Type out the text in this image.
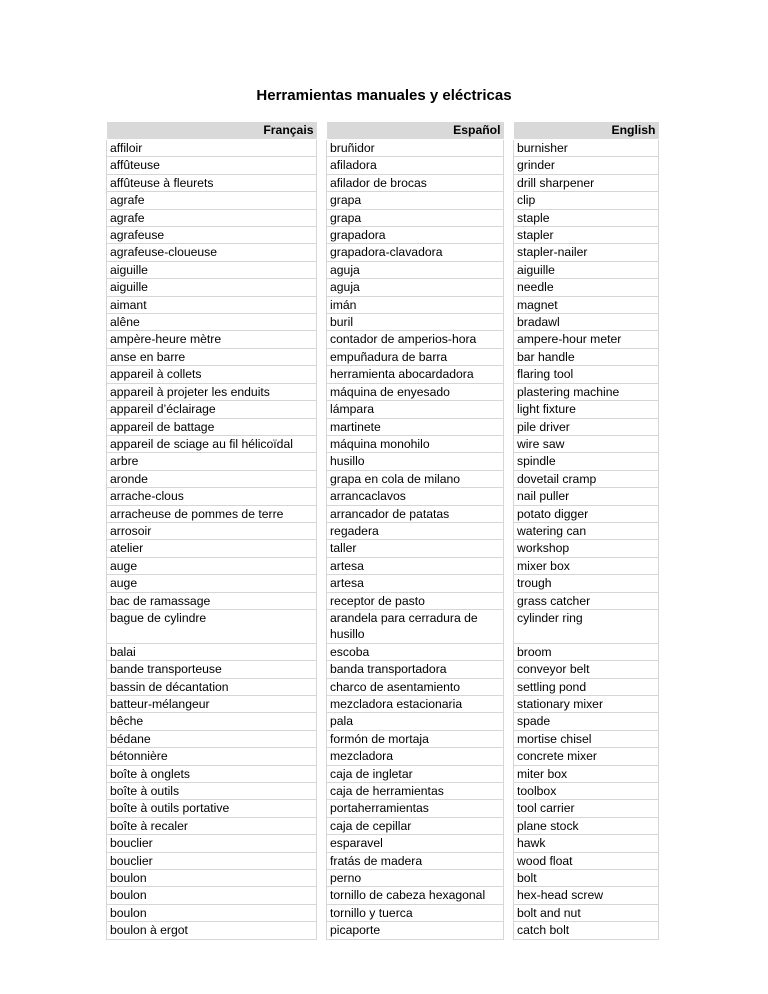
Herramientas manuales y eléctricas
Français		Español		English
affiloir		bruñidor		burnisher
affûteuse		afiladora		grinder
affûteuse à fleurets		afilador de brocas		drill sharpener
agrafe		grapa		clip
agrafe		grapa		staple
agrafeuse		grapadora		stapler
agrafeuse-cloueuse		grapadora-clavadora		stapler-nailer
aiguille		aguja		aiguille
aiguille		aguja		needle
aimant		imán		magnet
alêne		buril		bradawl
ampère-heure mètre		contador de amperios-hora		ampere-hour meter
anse en barre		empuñadura de barra		bar handle
appareil à collets		herramienta abocardadora		flaring tool
appareil à projeter les enduits		máquina de enyesado		plastering machine
appareil d’éclairage		lámpara		light fixture
appareil de battage		martinete		pile driver
appareil de sciage au fil hélicoïdal		máquina monohilo		wire saw
arbre		husillo		spindle
aronde		grapa en cola de milano		dovetail cramp
arrache-clous		arrancaclavos		nail puller
arracheuse de pommes de terre		arrancador de patatas		potato digger
arrosoir		regadera		watering can
atelier		taller		workshop
auge		artesa		mixer box
auge		artesa		trough
bac de ramassage		receptor de pasto		grass catcher
bague de cylindre		arandela para cerradura de husillo		cylinder ring
balai		escoba		broom
bande transporteuse		banda transportadora		conveyor belt
bassin de décantation		charco de asentamiento		settling pond
batteur-mélangeur		mezcladora estacionaria		stationary mixer
bêche		pala		spade
bédane		formón de mortaja		mortise chisel
bétonnière		mezcladora		concrete mixer
boîte à onglets		caja de ingletar		miter box
boîte à outils		caja de herramientas		toolbox
boîte à outils portative		portaherramientas		tool carrier
boîte à recaler		caja de cepillar		plane stock
bouclier		esparavel		hawk
bouclier		fratás de madera		wood float
boulon		perno		bolt
boulon		tornillo de cabeza hexagonal		hex-head screw
boulon		tornillo y tuerca		bolt and nut
boulon à ergot		picaporte		catch bolt
